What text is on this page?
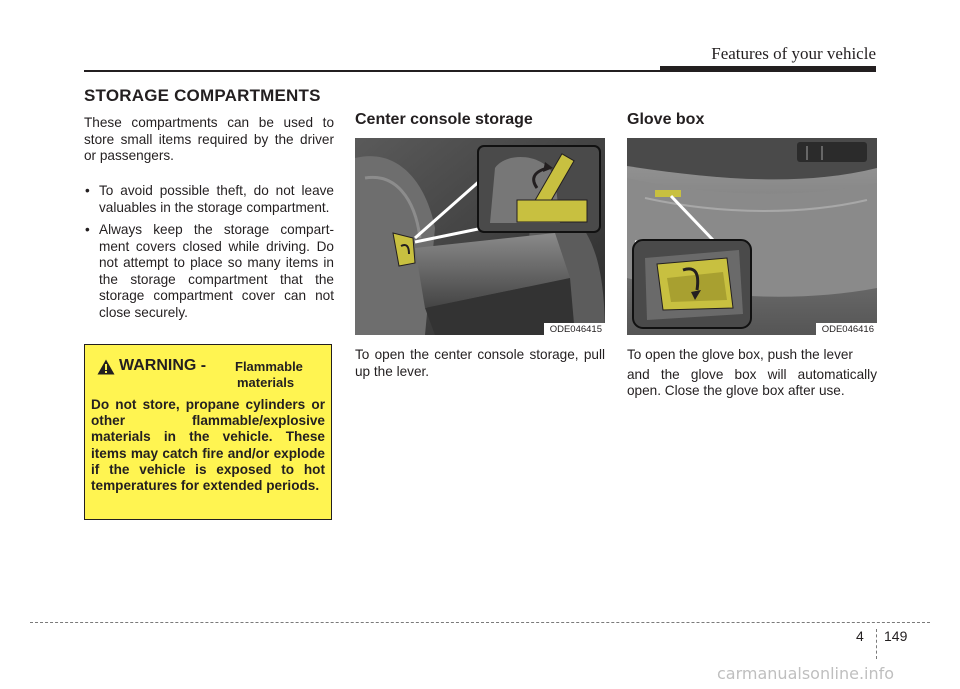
Features of your vehicle
STORAGE COMPARTMENTS
These compartments can be used to store small items required by the driver or passengers.
• To avoid possible theft, do not leave valuables in the storage compartment.
• Always keep the storage compart-ment covers closed while driving. Do not attempt to place so many items in the storage compartment that the storage compartment cover can not close securely.
WARNING - Flammable
materials
Do not store, propane cylinders or other flammable/explosive materials in the vehicle. These items may catch fire and/or explode if the vehicle is exposed to hot temperatures for extended periods.
Center console storage
ODE046415
To open the center console storage, pull up the lever.
Glove box
ODE046416
To open the glove box, push the lever
and the glove box will automatically open. Close the glove box after use.
4 149
carmanualsonline.info
